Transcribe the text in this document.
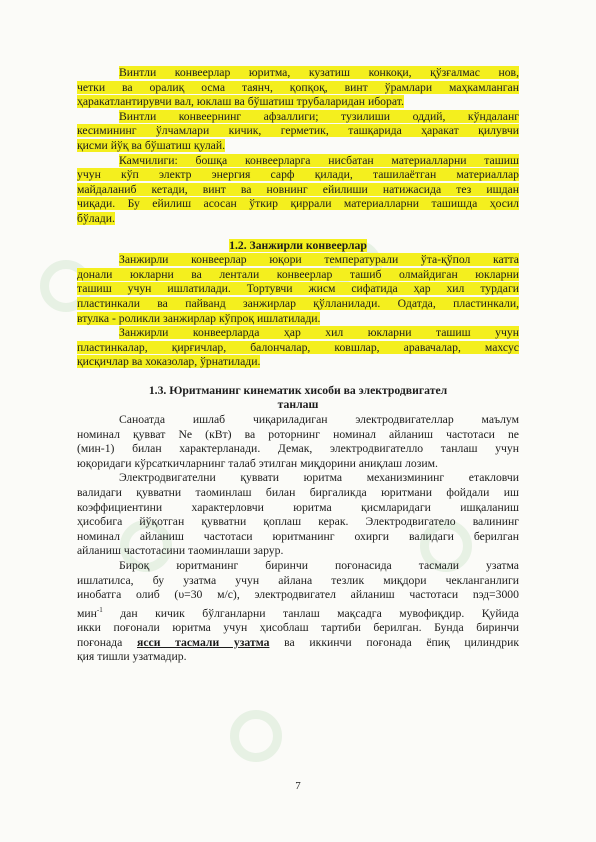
Винтли конвеерлар юритма, кузатиш конкоқи, қўзғалмас нов,
четки ва оралиқ осма таянч, қопқоқ, винт ўрамлари маҳкамланган
ҳаракатлантирувчи вал, юклаш ва бўшатиш трубаларидан иборат.
Винтли конвеернинг афзаллиги; тузилиши оддий, кўндаланг
кесимининг ўлчамлари кичик, герметик, ташқарида ҳаракат қилувчи
қисми йўқ ва бўшатиш қулай.
Камчилиги: бошқа конвеерларга нисбатан материалларни ташиш
учун кўп электр энергия сарф қилади, ташилаётган материаллар
майдаланиб кетади, винт ва новнинг ейилиши натижасида тез ишдан
чиқади. Бу ейилиш асосан ўткир қиррали материалларни ташишда ҳосил
бўлади.
1.2. Занжирли конвеерлар
Занжирли конвеерлар юқори температурали ўта-қўпол катта
донали юкларни ва лентали конвеерлар ташиб олмайдиган юкларни
ташиш учун ишлатилади. Тортувчи жисм сифатида ҳар хил турдаги
пластинкали ва пайванд занжирлар қўлланилади. Одатда, пластинкали,
втулка - роликли занжирлар кўпроқ ишлатилади.
Занжирли конвеерларда ҳар хил юкларни ташиш учун
пластинкалар, қирғичлар, балончалар, ковшлар, аравачалар, махсус
қисқичлар ва хоказолар, ўрнатилади.
1.3. Юритманинг кинематик хисоби ва электродвигател
танлаш
Саноатда ишлаб чиқариладиган электродвигателлар маълум
номинал қувват Nе (кВт) ва роторнинг номинал айланиш частотаси nе
(мин-1) билан характерланади. Демак, электродвигателло танлаш учун
юқоридаги кўрсаткичларнинг талаб этилган миқдорини аниқлаш лозим.
Электродвигателни қуввати юритма механизмининг етакловчи
валидаги қувватни таоминлаш билан биргаликда юритмани фойдали иш
коэффициентини характерловчи юритма қисмларидаги ишқаланиш
ҳисобига йўқотган қувватни қоплаш керак. Электродвигатело валининг
номинал айланиш частотаси юритманинг охирги валидаги берилган
айланиш частотасини таоминлаши зарур.
Бироқ юритманинг биринчи поғонасида тасмали узатма
ишлатилса, бу узатма учун айлана тезлик миқдори чекланганлиги
инобатга олиб (υ=30 м/с), электродвигател айланиш частотаси nэд=3000
мин$^{-1}$ дан кичик бўлганларни танлаш мақсадга мувофиқдир. Қуйида
икки поғонали юритма учун ҳисоблаш тартиби берилган. Бунда биринчи
поғонада ясси тасмали узатма ва иккинчи поғонада ёпиқ цилиндрик
қия тишли узатмадир.
7
